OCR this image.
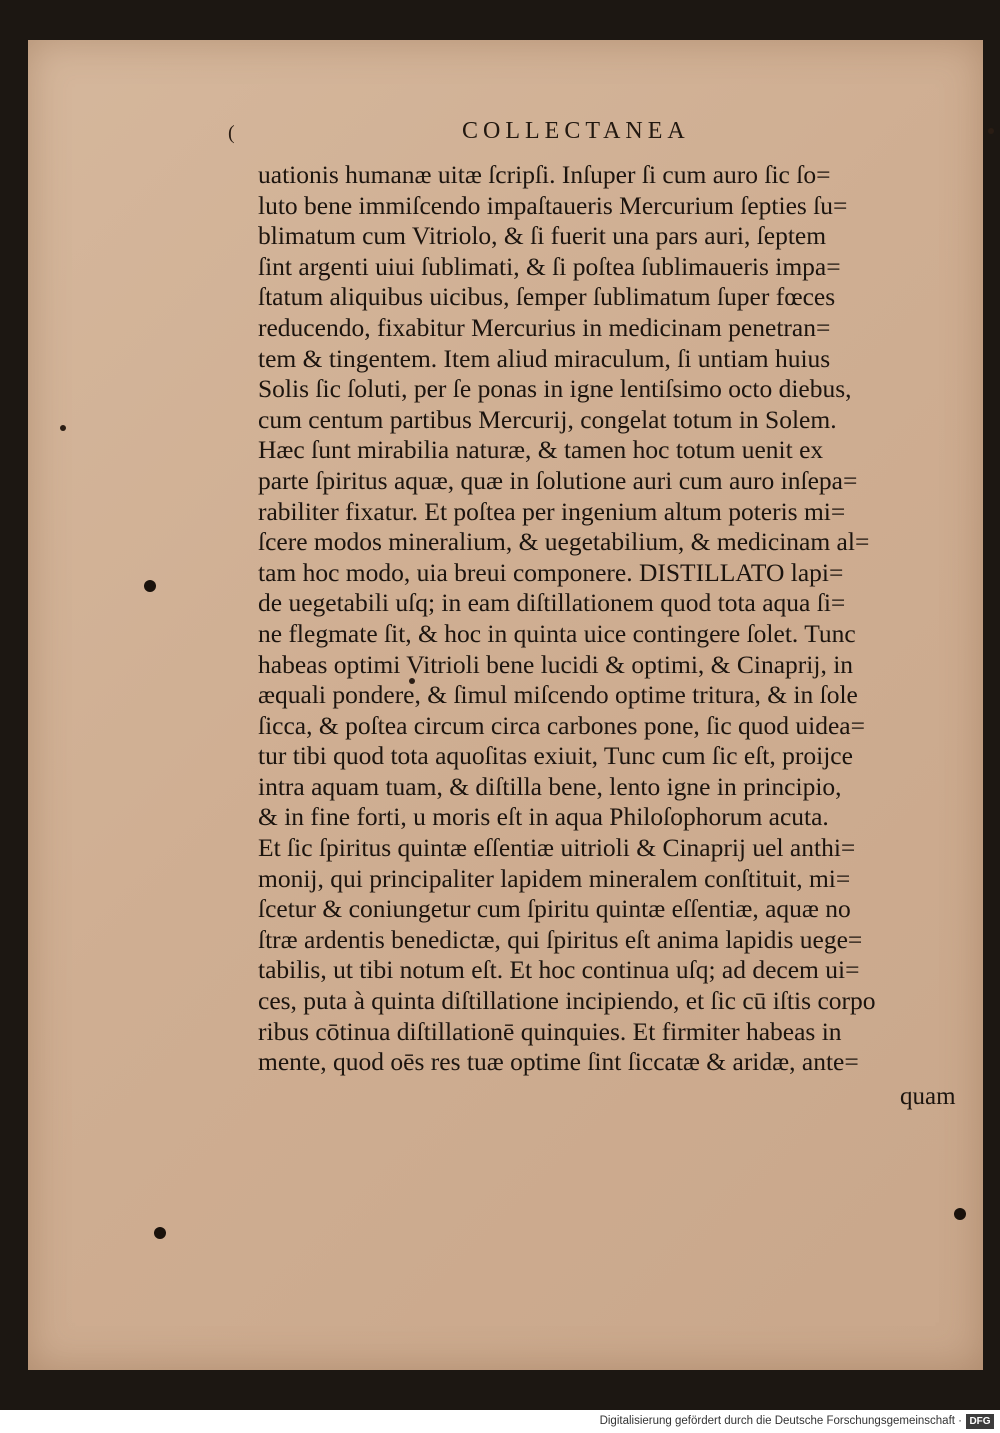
(	COLLECTANEA
uationis humanæ uitæ ſcripſi. Inſuper ſi cum auro ſic ſo=
luto bene immiſcendo impaſtaueris Mercurium ſepties ſu=
blimatum cum Vitriolo, & ſi fuerit una pars auri, ſeptem
ſint argenti uiui ſublimati, & ſi poſtea ſublimaueris impa=
ſtatum aliquibus uicibus, ſemper ſublimatum ſuper fœces
reducendo, fixabitur Mercurius in medicinam penetran=
tem & tingentem. Item aliud miraculum, ſi untiam huius
Solis ſic ſoluti, per ſe ponas in igne lentiſsimo octo diebus,
cum centum partibus Mercurij, congelat totum in Solem.
Hæc ſunt mirabilia naturæ, & tamen hoc totum uenit ex
parte ſpiritus aquæ, quæ in ſolutione auri cum auro inſepa=
rabiliter fixatur. Et poſtea per ingenium altum poteris mi=
ſcere modos mineralium, & uegetabilium, & medicinam al=
tam hoc modo, uia breui componere. DISTILLATO lapi=
de uegetabili uſq; in eam diſtillationem quod tota aqua ſi=
ne flegmate ſit, & hoc in quinta uice contingere ſolet. Tunc
habeas optimi Vitrioli bene lucidi & optimi, & Cinaprij, in
æquali pondere, & ſimul miſcendo optime tritura, & in ſole
ſicca, & poſtea circum circa carbones pone, ſic quod uidea=
tur tibi quod tota aquoſitas exiuit, Tunc cum ſic eſt, proijce
intra aquam tuam, & diſtilla bene, lento igne in principio,
& in fine forti, u moris eſt in aqua Philoſophorum acuta.
Et ſic ſpiritus quintæ eſſentiæ uitrioli & Cinaprij uel anthi=
monij, qui principaliter lapidem mineralem conſtituit, mi=
ſcetur & coniungetur cum ſpiritu quintæ eſſentiæ, aquæ no
ſtræ ardentis benedictæ, qui ſpiritus eſt anima lapidis uege=
tabilis, ut tibi notum eſt. Et hoc continua uſq; ad decem ui=
ces, puta à quinta diſtillatione incipiendo, et ſic cū iſtis corpo
ribus cōtinua diſtillationē quinquies. Et firmiter habeas in
mente, quod oēs res tuæ optime ſint ſiccatæ & aridæ, ante=
quam
Digitalisierung gefördert durch die Deutsche Forschungsgemeinschaft · DFG
